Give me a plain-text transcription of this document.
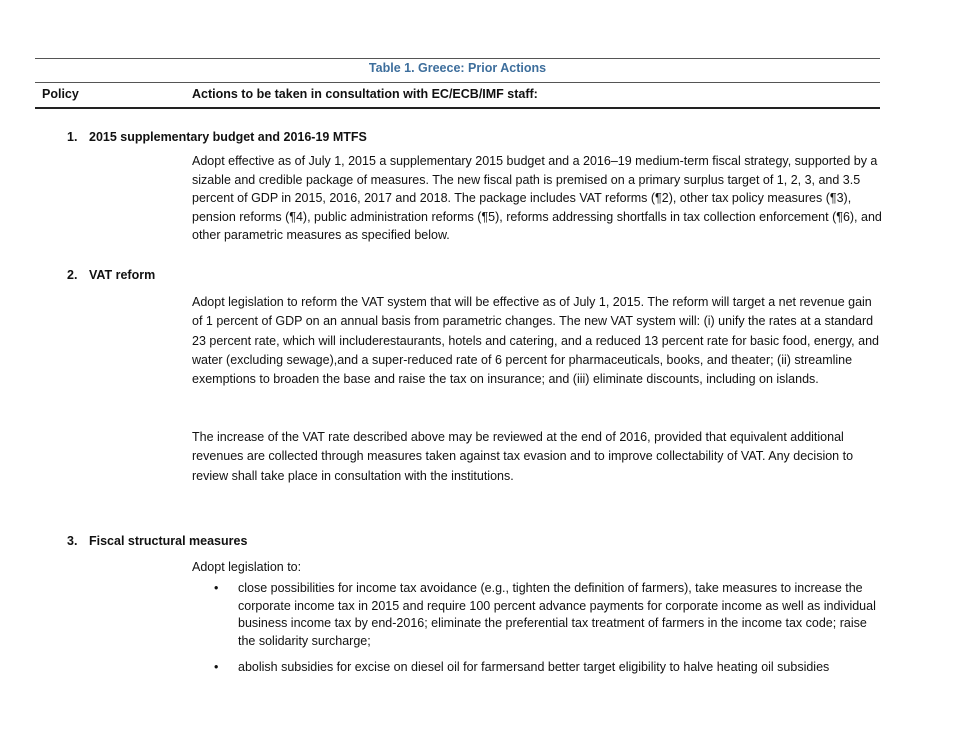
Table 1. Greece: Prior Actions
Policy	Actions to be taken in consultation with EC/ECB/IMF staff:
1. 2015 supplementary budget and 2016-19 MTFS

Adopt effective as of July 1, 2015 a supplementary 2015 budget and a 2016–19 medium-term fiscal strategy, supported by a sizable and credible package of measures. The new fiscal path is premised on a primary surplus target of 1, 2, 3, and 3.5 percent of GDP in 2015, 2016, 2017 and 2018. The package includes VAT reforms (¶2), other tax policy measures (¶3), pension reforms (¶4), public administration reforms (¶5), reforms addressing shortfalls in tax collection enforcement (¶6), and other parametric measures as specified below.

2. VAT reform

Adopt legislation to reform the VAT system that will be effective as of July 1, 2015. The reform will target a net revenue gain of 1 percent of GDP on an annual basis from parametric changes. The new VAT system will: (i) unify the rates at a standard 23 percent rate, which will includerestaurants, hotels and catering, and a reduced 13 percent rate for basic food, energy, and water (excluding sewage),and a super-reduced rate of 6 percent for pharmaceuticals, books, and theater; (ii) streamline exemptions to broaden the base and raise the tax on insurance; and (iii) eliminate discounts, including on islands.

The increase of the VAT rate described above may be reviewed at the end of 2016, provided that equivalent additional revenues are collected through measures taken against tax evasion and to improve collectability of VAT. Any decision to review shall take place in consultation with the institutions.

3. Fiscal structural measures

Adopt legislation to:

• close possibilities for income tax avoidance (e.g., tighten the definition of farmers), take measures to increase the corporate income tax in 2015 and require 100 percent advance payments for corporate income as well as individual business income tax by end-2016; eliminate the preferential tax treatment of farmers in the income tax code; raise the solidarity surcharge;
• abolish subsidies for excise on diesel oil for farmersand better target eligibility to halve heating oil subsidies
